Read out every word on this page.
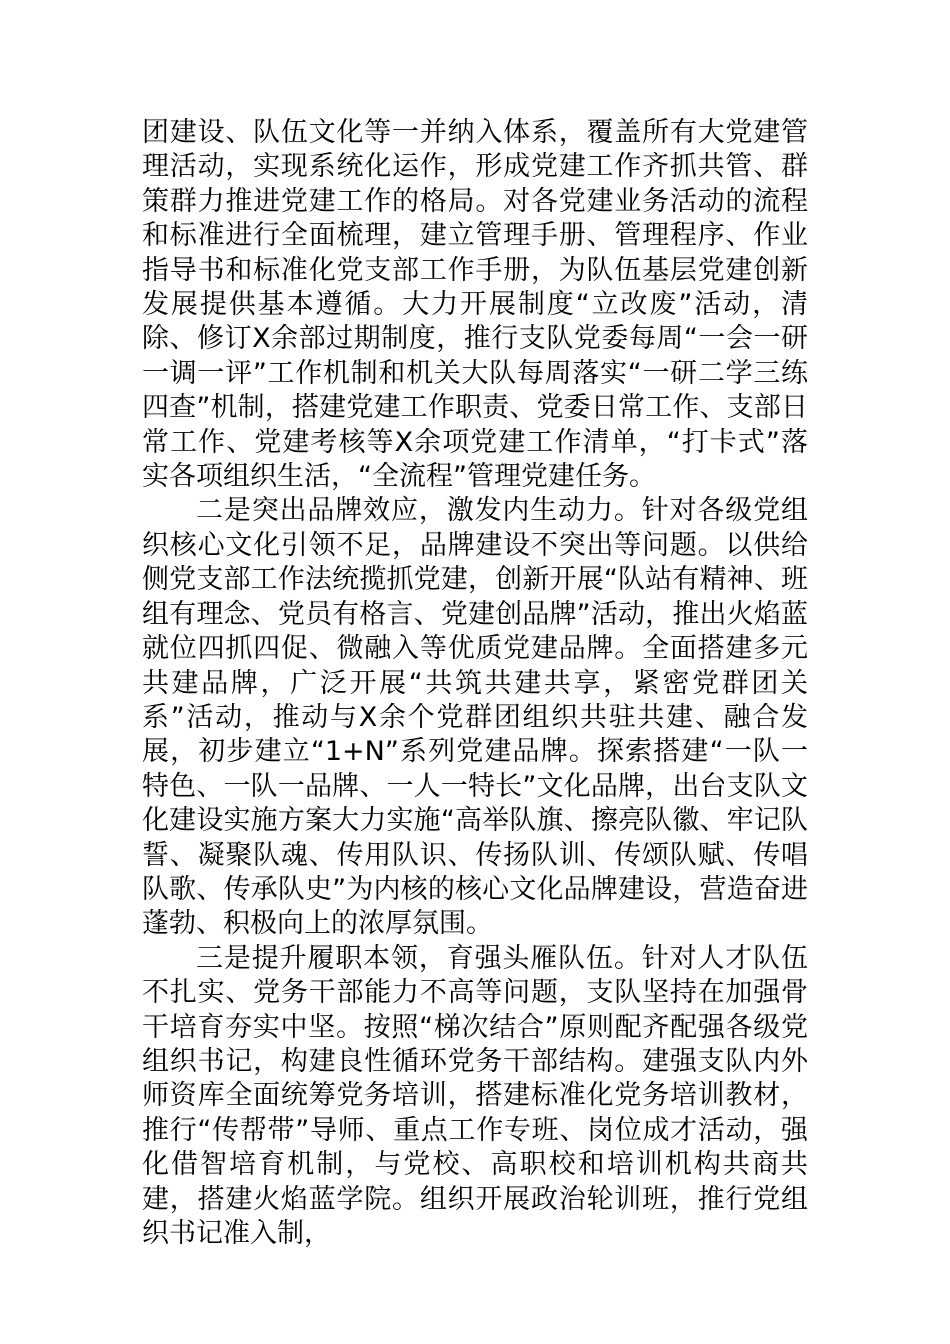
团建设、队伍文化等一并纳入体系，覆盖所有大党建管理活动，实现系统化运作，形成党建工作齐抓共管、群策群力推进党建工作的格局。对各党建业务活动的流程和标准进行全面梳理，建立管理手册、管理程序、作业指导书和标准化党支部工作手册，为队伍基层党建创新发展提供基本遵循。大力开展制度“立改废”活动，清除、修订X余部过期制度，推行支队党委每周“一会一研一调一评”工作机制和机关大队每周落实“一研二学三练四查”机制，搭建党建工作职责、党委日常工作、支部日常工作、党建考核等X余项党建工作清单，“打卡式”落实各项组织生活，“全流程”管理党建任务。

二是突出品牌效应，激发内生动力。针对各级党组织核心文化引领不足，品牌建设不突出等问题。以供给侧党支部工作法统揽抓党建，创新开展“队站有精神、班组有理念、党员有格言、党建创品牌”活动，推出火焰蓝就位四抓四促、微融入等优质党建品牌。全面搭建多元共建品牌，广泛开展“共筑共建共享，紧密党群团关系”活动，推动与X余个党群团组织共驻共建、融合发展，初步建立“1+N”系列党建品牌。探索搭建“一队一特色、一队一品牌、一人一特长”文化品牌，出台支队文化建设实施方案大力实施“高举队旗、擦亮队徽、牢记队誓、凝聚队魂、传用队识、传扬队训、传颂队赋、传唱队歌、传承队史”为内核的核心文化品牌建设，营造奋进蓬勃、积极向上的浓厚氛围。

三是提升履职本领，育强头雁队伍。针对人才队伍不扎实、党务干部能力不高等问题，支队坚持在加强骨干培育夯实中坚。按照“梯次结合”原则配齐配强各级党组织书记，构建良性循环党务干部结构。建强支队内外师资库全面统筹党务培训，搭建标准化党务培训教材，推行“传帮带”导师、重点工作专班、岗位成才活动，强化借智培育机制，与党校、高职校和培训机构共商共建，搭建火焰蓝学院。组织开展政治轮训班，推行党组织书记准入制，
